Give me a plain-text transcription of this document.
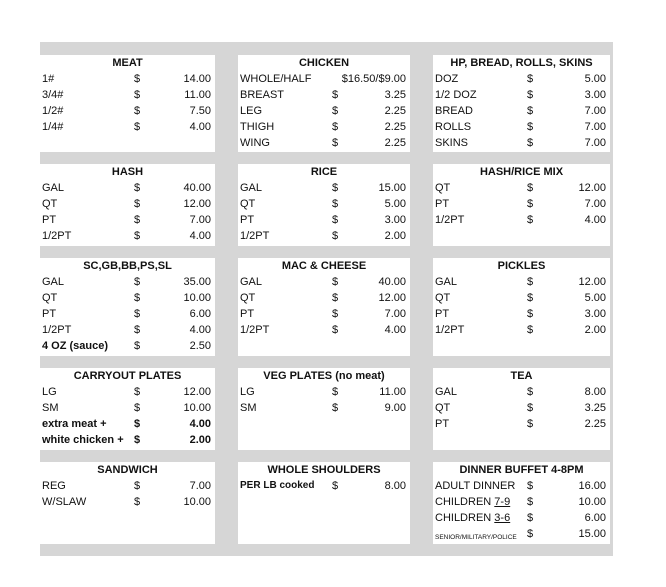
MEAT
1#	$	14.00
3/4#	$	11.00
1/2#	$	7.50
1/4#	$	4.00
CHICKEN
WHOLE/HALF	$16.50/$9.00
BREAST	$	3.25
LEG	$	2.25
THIGH	$	2.25
WING	$	2.25
HP, BREAD, ROLLS, SKINS
DOZ	$	5.00
1/2 DOZ	$	3.00
BREAD	$	7.00
ROLLS	$	7.00
SKINS	$	7.00
HASH
GAL	$	40.00
QT	$	12.00
PT	$	7.00
1/2PT	$	4.00
RICE
GAL	$	15.00
QT	$	5.00
PT	$	3.00
1/2PT	$	2.00
HASH/RICE MIX
QT	$	12.00
PT	$	7.00
1/2PT	$	4.00
SC,GB,BB,PS,SL
GAL	$	35.00
QT	$	10.00
PT	$	6.00
1/2PT	$	4.00
4 OZ (sauce) $	2.50
MAC & CHEESE
GAL	$	40.00
QT	$	12.00
PT	$	7.00
1/2PT	$	4.00
PICKLES
GAL	$	12.00
QT	$	5.00
PT	$	3.00
1/2PT	$	2.00
CARRYOUT PLATES
LG	$	12.00
SM	$	10.00
extra meat + $	4.00
white chicken + $	2.00
VEG PLATES (no meat)
LG	$	11.00
SM	$	9.00
TEA
GAL	$	8.00
QT	$	3.25
PT	$	2.25
SANDWICH
REG	$	7.00
W/SLAW	$	10.00
WHOLE SHOULDERS
PER LB cooked $	8.00
DINNER BUFFET 4-8PM
ADULT DINNER $	16.00
CHILDREN 7-9 $	10.00
CHILDREN 3-6 $	6.00
SENIOR/MILITARY/POLICE $	15.00
